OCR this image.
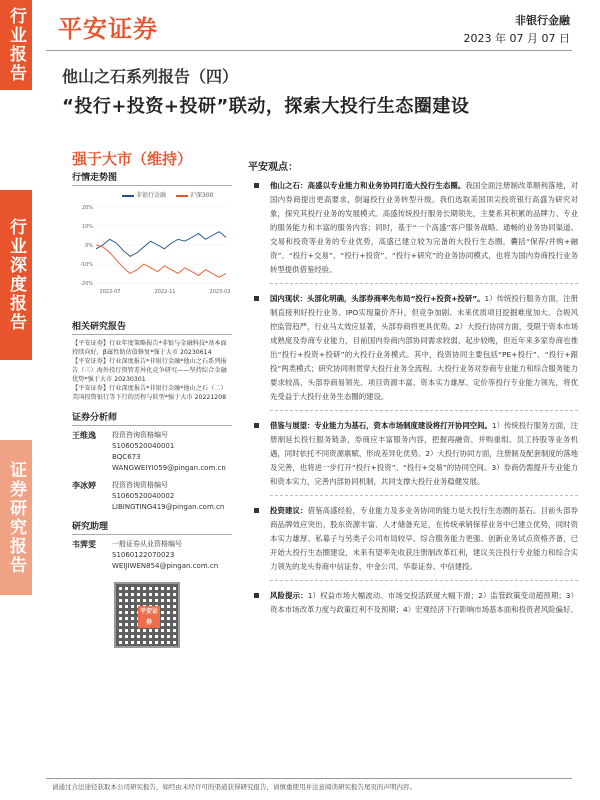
行业报告
行业深度报告
证券研究报告
平安证券	非银行金融
2023 年 07 月 07 日
他山之石系列报告（四）
“投行+投资+投研”联动，探索大投行生态圈建设
强于大市（维持）
行情走势图
非银行金融	沪深300
20%
10%
0%
-10%
-20%
2022-07	2022-11	2023-03
相关研究报告
【平安证券】行业年度策略报告*非银与金融科技*基本面持续向好，β属性助估值修复*强于大市 20230614
【平安证券】行业深度报告*非银行金融*他山之石系列报告（三）海外投行资管差异化竞争研究——坚持综合金融优势*强于大市 20230301
【平安证券】行业深度报告*非银行金融*他山之石（二）美国投资银行等下行的历程与转型*强于大市 20221208
证券分析师
王维逸	投资咨询资格编号
S1060520040001
BQC673
WANGWEIYI059@pingan.com.cn
李冰婷	投资咨询资格编号
S1060520040002
LIBINGTING419@pingan.com.cn
研究助理
韦霁雯	一般证券从业资格编号
S1060122070023
WEIJIWEN854@pingan.com.cn
平安证券
平安观点：
他山之石：高盛以专业能力和业务协同打造大投行生态圈。我国全面注册制改革顺利落地，对国内券商提出更高要求，倒逼投行业务转型升级。我们选取美国顶尖投资银行高盛为研究对象，探究其投行业务的发展模式。高盛传统投行服务长期领先，主要系其积累的品牌力、专业的服务能力和丰富的服务内容；同时，基于“一个高盛”客户服务战略、通畅的业务协同渠道、交易和投资等业务的专业优势，高盛已建立较为完备的大投行生态圈，囊括“保荐/并购+融资”、“投行+交易”、“投行+投资”、“投行+研究”的业务协同模式，也将为国内券商投行业务转型提供借鉴经验。
国内现状：头部化明确，头部券商率先布局“投行+投资+投研”。1）传统投行服务方面，注册制直接利好投行业务、IPO实现量价齐升，但竞争加剧、未来优质项目挖掘难度加大、合规风控监管趋严，行业马太效应显著，头部券商将更具优势。2）大投行协同方面，受限于资本市场成熟度及券商专业能力，目前国内券商内部协同需求较弱、起步较晚，但近年来多家券商也推出“投行+投资+投研”的大投行业务模式。其中，投资协同主要包括“PE+投行”、“投行+跟投”两类模式；研究协同则贯穿大投行业务全流程。大投行业务对券商专业能力和综合服务能力要求较高，头部券商易领先、项目资源丰富、资本实力雄厚、定价等投行专业能力领先，将优先受益于大投行业务生态圈的建设。
借鉴与展望：专业能力为基石，资本市场制度建设将打开协同空间。1）传统投行服务方面，注册制延长投行服务链条，券商应丰富服务内容，把握再融资、并购重组、员工持股等业务机遇，同时依托不同资源禀赋、形成差异化优势。2）大投行协同方面，注册制及配套制度的落地及完善，也将进一步打开“投行+投资”、“投行+交易”的协同空间。3）券商仍需提升专业能力和资本实力，完善内部协同机制，共同支撑大投行业务稳健发展。
投资建议：借鉴高盛经验，专业能力及多业务协同的能力是大投行生态圈的基石。目前头部券商品牌效应突出、股东资源丰富、人才储备充足，在传统承销保荐业务中已建立优势，同时资本实力雄厚、私募子与另类子公司布局较早、综合服务能力更强、创新业务试点资格齐备，已开始大投行生态圈建设，未来有望率先收获注册制改革红利，建议关注投行专业能力和综合实力领先的龙头券商中信证券、中金公司、华泰证券、中信建投。
风险提示：1）权益市场大幅波动、市场交投活跃度大幅下滑；2）监管政策变动超预期；3）资本市场改革力度与政策红利不及预期；4）宏观经济下行影响市场基本面和投资者风险偏好。
请通过合法途径获取本公司研究报告，如经由未经许可的渠道获得研究报告，请慎重使用并注意阅读研究报告尾页的声明内容。
